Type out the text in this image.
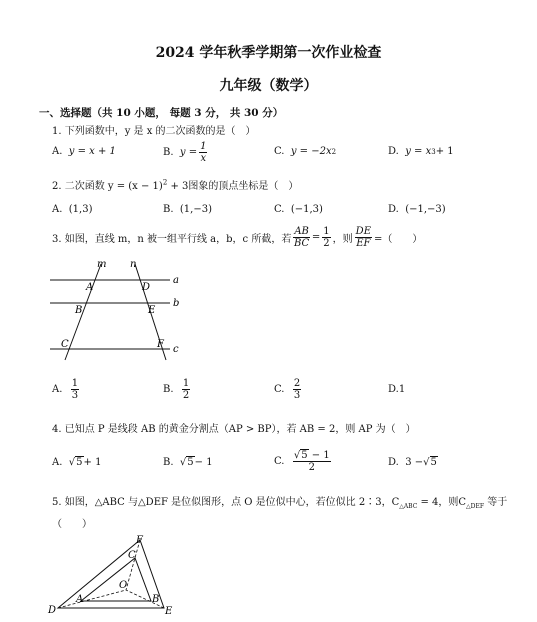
2024 学年秋季学期第一次作业检查
九年级（数学）
一、选择题（共 10 小题， 每题 3 分， 共 30 分）
1. 下列函数中，y 是 x 的二次函数的是（　）
A.
y = x + 1	B.
$y = \frac{1}{x}$	C.
y = −2x 2	D.
y = x 3 + 1
2. 二次函数 $y = (x - 1)^2 + 3$图象的顶点坐标是（　）
A.
(1,3)	B.
(1,−3)	C.
(−1,3)	D.
(−1,−3)
3. 如图，直线 m，n 被一组平行线 a，b，c 所截，若 $\frac{AB}{BC} = \frac{1}{2}$ ，则 $\frac{DE}{EF}$ =（　　）
m n
a
b
c
A
B
C
D
E
F
A.
$\frac{1}{3}$	B.
$\frac{1}{2}$	C.
$\frac{2}{3}$	D. 1
4. 已知点 P 是线段 AB 的黄金分割点（AP > BP），若 AB = 2，则 AP 为（　）
A.
√ 5 + 1	B.
√ 5 − 1	C.
$\frac{√5 - 1}{2}$	D.
3 − √ 5
5. 如图，△ABC 与△DEF 是位似图形，点 O 是位似中心，若位似比 2∶3，$C_{\triangle ABC} = 4$，则$C_{\triangle DEF}$ 等于
（　　）
D	E
F
A	B
C
O
